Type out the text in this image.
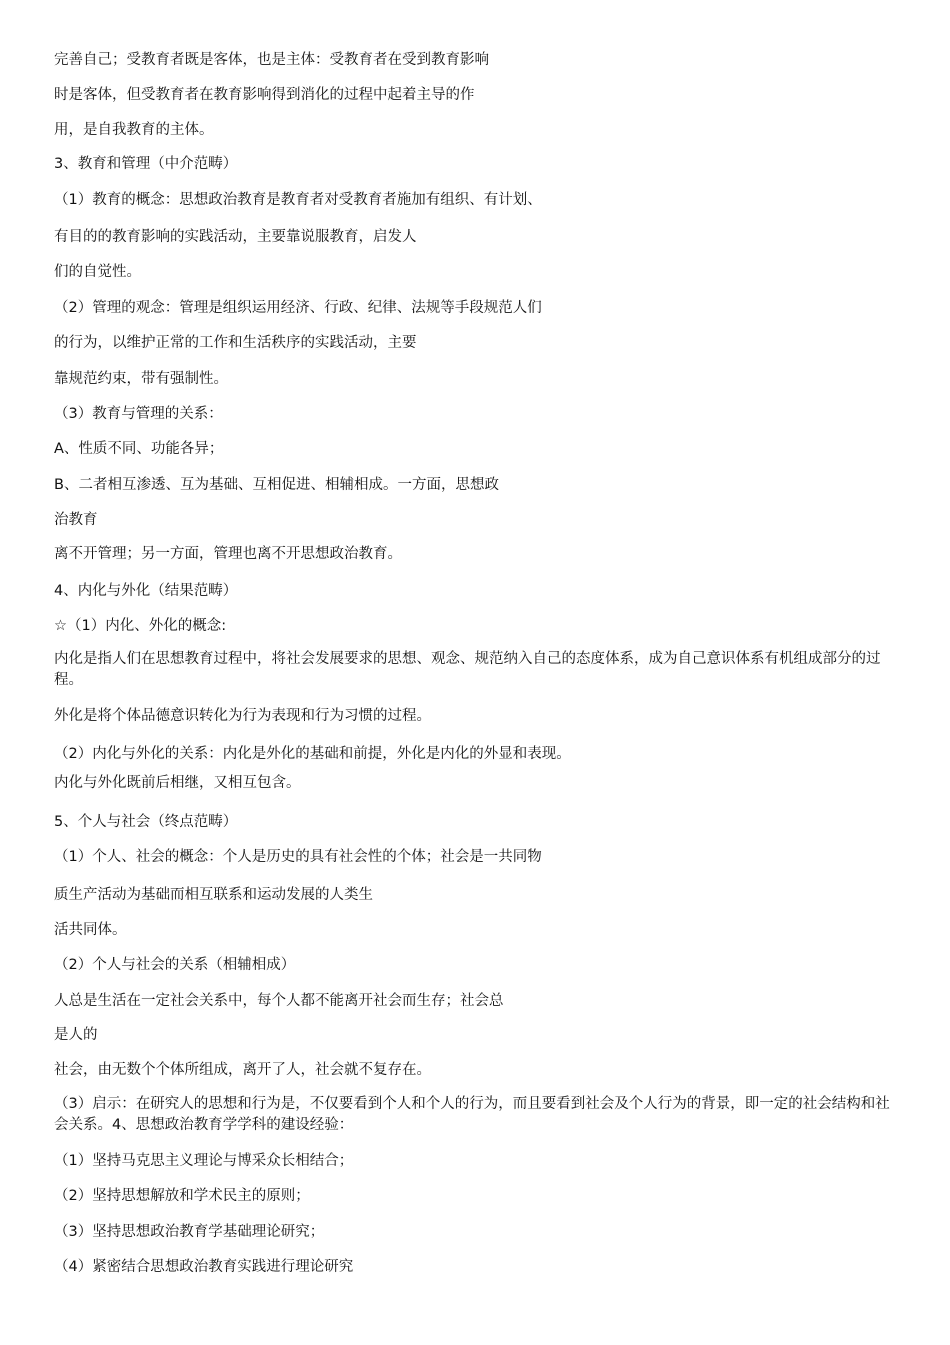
完善自己；受教育者既是客体，也是主体：受教育者在受到教育影响
时是客体，但受教育者在教育影响得到消化的过程中起着主导的作
用，是自我教育的主体。
3、教育和管理（中介范畴）
（1）教育的概念：思想政治教育是教育者对受教育者施加有组织、有计划、
有目的的教育影响的实践活动，主要靠说服教育，启发人
们的自觉性。
（2）管理的观念：管理是组织运用经济、行政、纪律、法规等手段规范人们
的行为，以维护正常的工作和生活秩序的实践活动，主要
靠规范约束，带有强制性。
（3）教育与管理的关系：
A、性质不同、功能各异；
B、二者相互渗透、互为基础、互相促进、相辅相成。一方面，思想政
治教育
离不开管理；另一方面，管理也离不开思想政治教育。
4、内化与外化（结果范畴）
☆（1）内化、外化的概念:
内化是指人们在思想教育过程中，将社会发展要求的思想、观念、规范纳入自己的态度体系，成为自己意识体系有机组成部分的过程。
外化是将个体品德意识转化为行为表现和行为习惯的过程。
（2）内化与外化的关系：内化是外化的基础和前提，外化是内化的外显和表现。
内化与外化既前后相继，又相互包含。
5、个人与社会（终点范畴）
（1）个人、社会的概念：个人是历史的具有社会性的个体；社会是一共同物
质生产活动为基础而相互联系和运动发展的人类生
活共同体。
（2）个人与社会的关系（相辅相成）
人总是生活在一定社会关系中，每个人都不能离开社会而生存；社会总
是人的
社会，由无数个个体所组成，离开了人，社会就不复存在。
（3）启示：在研究人的思想和行为是，不仅要看到个人和个人的行为，而且要看到社会及个人行为的背景，即一定的社会结构和社会关系。4、思想政治教育学学科的建设经验：
（1）坚持马克思主义理论与博采众长相结合；
（2）坚持思想解放和学术民主的原则；
（3）坚持思想政治教育学基础理论研究；
（4）紧密结合思想政治教育实践进行理论研究
